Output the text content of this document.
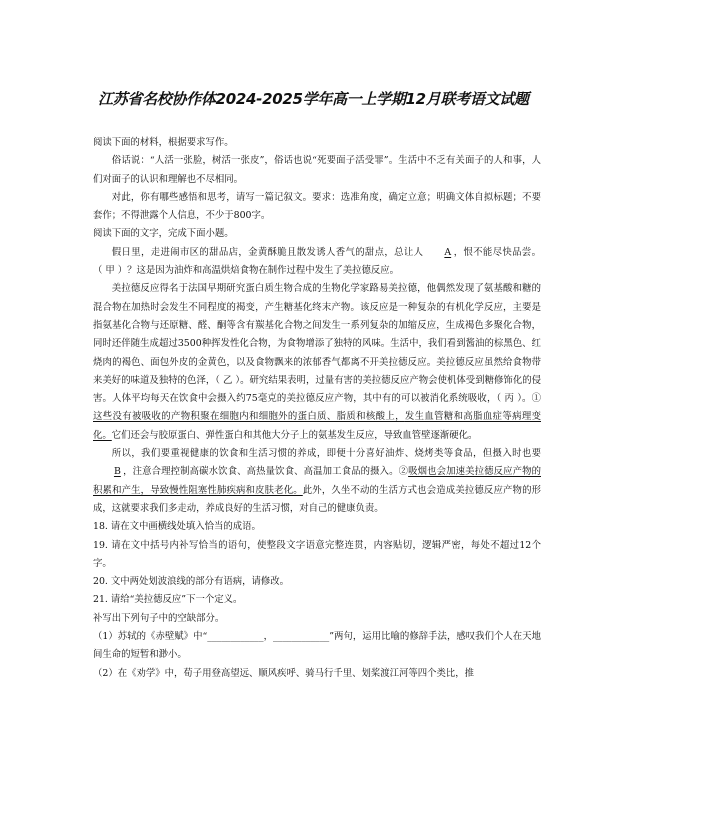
江苏省名校协作体2024-2025学年高一上学期12月联考语文试题

阅读下面的材料，根据要求写作。

俗话说：“人活一张脸，树活一张皮”，俗话也说“死要面子活受罪”。生活中不乏有关面子的人和事，人们对面子的认识和理解也不尽相同。

对此，你有哪些感悟和思考，请写一篇记叙文。要求：选准角度，确定立意；明确文体自拟标题；不要套作；不得泄露个人信息，不少于800字。

阅读下面的文字，完成下面小题。

假日里，走进闹市区的甜品店，金黄酥脆且散发诱人香气的甜点，总让人 A ，恨不能尽快品尝。（ 甲 ）？这是因为油炸和高温烘焙食物在制作过程中发生了美拉德反应。

美拉德反应得名于法国早期研究蛋白质生物合成的生物化学家路易美拉德，他偶然发现了氨基酸和糖的混合物在加热时会发生不同程度的褐变，产生糖基化终末产物。该反应是一种复杂的有机化学反应，主要是指氨基化合物与还原糖、醛、酮等含有羰基化合物之间发生一系列复杂的加缩反应，生成褐色多聚化合物，同时还伴随生成超过3500种挥发性化合物，为食物增添了独特的风味。生活中，我们看到酱油的棕黑色、红烧肉的褐色、面包外皮的金黄色，以及食物飘来的浓郁香气都离不开美拉德反应。美拉德反应虽然给食物带来美好的味道及独特的色泽，（ 乙 ）。研究结果表明，过量有害的美拉德反应产物会使机体受到糖修饰化的侵害。人体平均每天在饮食中会摄入约75毫克的美拉德反应产物，其中有的可以被消化系统吸收，（ 丙 ）。①这些没有被吸收的产物积聚在细胞内和细胞外的蛋白质、脂质和核酸上，发生血管糖和高脂血症等病理变化。它们还会与胶原蛋白、弹性蛋白和其他大分子上的氨基发生反应，导致血管壁逐渐硬化。

所以，我们要重视健康的饮食和生活习惯的养成，即便十分喜好油炸、烧烤类等食品，但摄入时也要B ，注意合理控制高碳水饮食、高热量饮食、高温加工食品的摄入。②吸烟也会加速美拉德反应产物的积累和产生，导致慢性阻塞性肺疾病和皮肤老化。此外，久坐不动的生活方式也会造成美拉德反应产物的形成，这就要求我们多走动，养成良好的生活习惯，对自己的健康负责。

18. 请在文中画横线处填入恰当的成语。

19. 请在文中括号内补写恰当的语句，使整段文字语意完整连贯，内容贴切，逻辑严密，每处不超过12个字。

20. 文中两处划波浪线的部分有语病，请修改。

21. 请给“美拉德反应”下一个定义。

补写出下列句子中的空缺部分。

（1）苏轼的《赤壁赋》中“____________，____________”两句，运用比喻的修辞手法，感叹我们个人在天地间生命的短暂和渺小。

（2）在《劝学》中，荀子用登高望远、顺风疾呼、骑马行千里、划桨渡江河等四个类比，推
